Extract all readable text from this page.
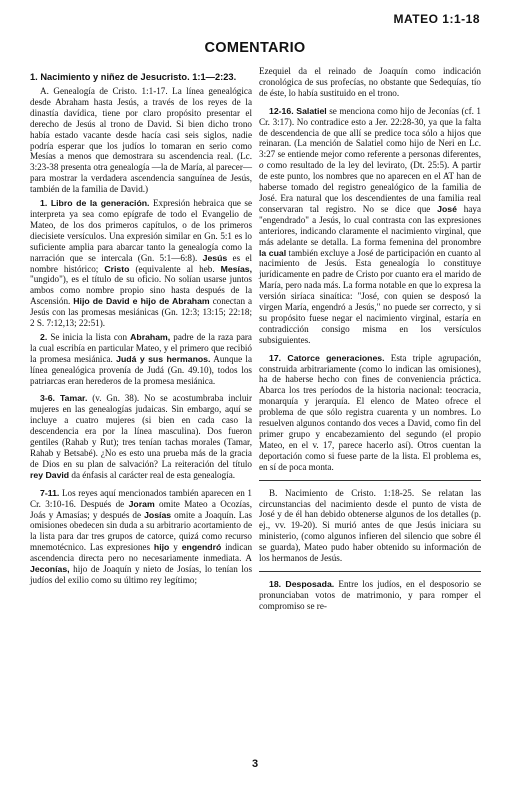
MATEO 1:1-18
COMENTARIO

1. Nacimiento y niñez de Jesucristo. 1:1—2:23.

A. Genealogía de Cristo. 1:1-17. La línea genealógica desde Abraham hasta Jesús, a través de los reyes de la dinastía davídica, tiene por claro propósito presentar el derecho de Jesús al trono de David. Si bien dicho trono había estado vacante desde hacía casi seis siglos, nadie podría esperar que los judíos lo tomaran en serio como Mesías a menos que demostrara su ascendencia real. (Lc. 3:23-38 presenta otra genealogía —la de María, al parecer— para mostrar la verdadera ascendencia sanguínea de Jesús, también de la familia de David.)

1. Libro de la generación. Expresión hebraica que se interpreta ya sea como epígrafe de todo el Evangelio de Mateo, de los dos primeros capítulos, o de los primeros diecisiete versículos. Una expresión similar en Gn. 5:1 es lo suficiente amplia para abarcar tanto la genealogía como la narración que se intercala (Gn. 5:1—6:8). Jesús es el nombre histórico; Cristo (equivalente al heb. Mesías, "ungido"), es el título de su oficio. No solían usarse juntos ambos como nombre propio sino hasta después de la Ascensión. Hijo de David e hijo de Abraham conectan a Jesús con las promesas mesiánicas (Gn. 12:3; 13:15; 22:18; 2 S. 7:12,13; 22:51).

2. Se inicia la lista con Abraham, padre de la raza para la cual escribía en particular Mateo, y el primero que recibió la promesa mesiánica. Judá y sus hermanos. Aunque la línea genealógica provenía de Judá (Gn. 49.10), todos los patriarcas eran herederos de la promesa mesiánica.

3-6. Tamar. (v. Gn. 38). No se acostumbraba incluir mujeres en las genealogías judaicas. Sin embargo, aquí se incluye a cuatro mujeres (si bien en cada caso la descendencia era por la línea masculina). Dos fueron gentiles (Rahab y Rut); tres tenían tachas morales (Tamar, Rahab y Betsabé). ¿No es esto una prueba más de la gracia de Dios en su plan de salvación? La reiteración del título rey David da énfasis al carácter real de esta genealogía.

7-11. Los reyes aquí mencionados también aparecen en 1 Cr. 3:10-16. Después de Joram omite Mateo a Ocozías, Joás y Amasías; y después de Josías omite a Joaquín. Las omisiones obedecen sin duda a su arbitrario acortamiento de la lista para dar tres grupos de catorce, quizá como recurso mnemotécnico. Las expresiones hijo y engendró indican ascendencia directa pero no necesariamente inmediata. A Jeconías, hijo de Joaquín y nieto de Josías, lo tenían los judíos del exilio como su último rey legítimo;

Ezequiel da el reinado de Joaquín como indicación cronológica de sus profecías, no obstante que Sedequías, tío de éste, lo había sustituido en el trono.

12-16. Salatiel se menciona como hijo de Jeconías (cf. 1 Cr. 3:17). No contradice esto a Jer. 22:28-30, ya que la falta de descendencia de que allí se predice toca sólo a hijos que reinaran. (La mención de Salatiel como hijo de Neri en Lc. 3:27 se entiende mejor como referente a personas diferentes, o como resultado de la ley del levirato, (Dt. 25:5). A partir de este punto, los nombres que no aparecen en el AT han de haberse tomado del registro genealógico de la familia de José. Era natural que los descendientes de una familia real conservaran tal registro. No se dice que José haya "engendrado" a Jesús, lo cual contrasta con las expresiones anteriores, indicando claramente el nacimiento virginal, que más adelante se detalla. La forma femenina del pronombre la cual también excluye a José de participación en cuanto al nacimiento de Jesús. Esta genealogía lo constituye jurídicamente en padre de Cristo por cuanto era el marido de María, pero nada más. La forma notable en que lo expresa la versión siríaca sinaítica: "José, con quien se desposó la virgen María, engendró a Jesús," no puede ser correcto, y si su propósito fuese negar el nacimiento virginal, estaría en contradicción consigo misma en los versículos subsiguientes.

17. Catorce generaciones. Esta triple agrupación, construida arbitrariamente (como lo indican las omisiones), ha de haberse hecho con fines de conveniencia práctica. Abarca los tres períodos de la historia nacional: teocracia, monarquía y jerarquía. El elenco de Mateo ofrece el problema de que sólo registra cuarenta y un nombres. Lo resuelven algunos contando dos veces a David, como fin del primer grupo y encabezamiento del segundo (el propio Mateo, en el v. 17, parece hacerlo así). Otros cuentan la deportación como si fuese parte de la lista. El problema es, en sí de poca monta.

B. Nacimiento de Cristo. 1:18-25. Se relatan las circunstancias del nacimiento desde el punto de vista de José y de él han debido obtenerse algunos de los detalles (p. ej., vv. 19-20). Si murió antes de que Jesús iniciara su ministerio, (como algunos infieren del silencio que sobre él se guarda), Mateo pudo haber obtenido su información de los hermanos de Jesús.

18. Desposada. Entre los judíos, en el desposorio se pronunciaban votos de matrimonio, y para romper el compromiso se re-

3
